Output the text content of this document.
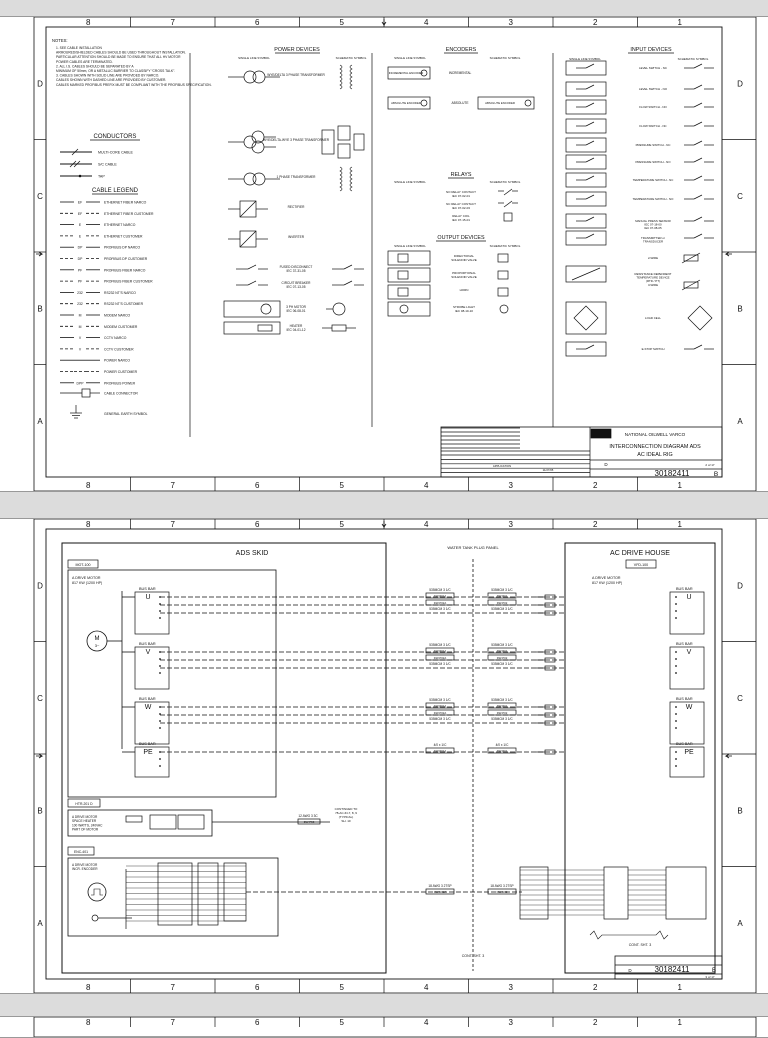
8
8
7
7
6
6
5
5
4
4
3
3
2
2
1
1
D	D
C	C
B	B
A	A
NOTES:
1. SEE CABLE INSTALLATION
ARMOURED/SHIELDED CABLES SHOULD BE USED THROUGHOUT INSTALLATION.
PARTICULAR ATTENTION SHOULD BE MADE TO ENSURE THAT ALL HV MOTOR
POWER CABLES ARE TERMINATED.
2. ALL I.S. CABLES SHOULD BE SEPARATED BY A
MINIMUM OF 50mm, OR A METALLIC BARRIER TO CLASSIFY "CROSS TALK".
3. CABLES SHOWN WITH SOLID LINE ARE PROVIDED BY NARCO.
CABLES SHOWN WITH DASHED LINE ARE PROVIDED BY CUSTOMER.
CABLES MARKED PROFIBUS PREFIX MUST BE COMPLIANT WITH THE PROFIBUS SPECIFICATION.
CONDUCTORS
MULTI-CORE CABLE
S/C CABLE
TAP
CABLE LEGEND
EF	ETHERNET FIBER NARCO
EF	ETHERNET FIBER CUSTOMER
E	ETHERNET NARCO
E	ETHERNET CUSTOMER
DP	PROFIBUS DP NARCO
DP	PROFIBUS DP CUSTOMER
PF	PROFIBUS FIBER NARCO
PF	PROFIBUS FIBER CUSTOMER
232	RS232 NT'S NARCO
232	RS232 NT'S CUSTOMER
M	MODEM NARCO
M	MODEM CUSTOMER
V	CCTV NARCO
V	CCTV CUSTOMER
POWER NARCO
POWER CUSTOMER
DPP	PROFIBUS POWER
CABLE CONNECTOR
GENERAL EARTH SYMBOL
POWER DEVICES
SINGLE LINE SYMBOL	SCHEMATIC SYMBOL
WYE/DELTA 3 PHASE TRANSFORMER
WYE/DELTA-WYE 3 PHASE TRANSFORMER
1 PHASE TRANSFORMER
RECTIFIER
INVERTER
FUSED DISCONNECT
IEC 37-31-05
CIRCUIT BREAKER
IEC 07-13-05
3 PH MOTOR
IEC 06-08-01
HEATER
IEC 04-01-12
ENCODERS
SINGLE LINE SYMBOL	SCHEMATIC SYMBOL
INCREMENTAL ENCODER	INCREMENTAL
ABSOLUTE ENCODER	ABSOLUTE	ABSOLUTE ENCODER
RELAYS
SINGLE LINE SYMBOL	SCHEMATIC SYMBOL
NO RELAY CONTACT
IEC 07-02-01
NC RELAY CONTACT
IEC 07-02-03
RELAY COIL
IEC 07-15-01
OUTPUT DEVICES
SINGLE LINE SYMBOL	SCHEMATIC SYMBOL
DIRECTIONAL
SOLENOID VALVE
PROPORTIONAL
SOLENOID VALVE
HORN
STROBE LIGHT
IEC 08-10-10
INPUT DEVICES
SINGLE LINE SYMBOL	SCHEMATIC SYMBOL
LEVEL SWITCH - NC
LEVEL SWITCH - NO
FLOW SWITCH - NO
FLOW SWITCH - NC
PRESSURE SWITCH - NC
PRESSURE SWITCH - NO
TEMPERATURE SWITCH - NC
TEMPERATURE SWITCH - NO
MANUAL PRESS SENSOR
IEC 07-18-00
IEC 07-08-05
TRANSMITTER or
TRANSDUCER
2-WIRE
RESISTANCE DEPENDENT
TEMPERATURE DEVICE
(RTD / PT)
3-WIRE
LOAD CELL
E-STOP SWITCH
APPLICATION
11/27/05
NATIONAL OILWELL VARCO
INTERCONNECTION DIAGRAM ADS
AC IDEAL RIG
D	2 of 17
30182411	B
8
8
7
7
6
6
5
5
4
4
3
3
2
2
1
1
D	D
C	C
B	B
A	A
ADS SKID	AC DRIVE HOUSE
WATER TANK PLUG PANEL
MOT-100
A DRIVE MOTOR
817 KW (1200 HP)
VFD-100
A DRIVE MOTOR
817 KW (1200 HP)
M
3~
BUS BAR
U
BUS BAR
U
535MCM 3 1/C	535MCM 3 1/C
DW-P01A	DW-P01
DW-P02A	DW-P02
535MCM 3 1/C	535MCM 3 1/C
BUS BAR
V
BUS BAR
V
535MCM 3 1/C	535MCM 3 1/C
DW-P01A	DW-P01
DW-P02A	DW-P02
535MCM 3 1/C	535MCM 3 1/C
BUS BAR
W
BUS BAR
W
535MCM 3 1/C	535MCM 3 1/C
DW-P01A	DW-P01
DW-P02A	DW-P02
535MCM 3 1/C	535MCM 3 1/C
BUS BAR
PE
BUS BAR
PE
4/0 x 1/C	4/0 x 1/C
DW-P01A	DW-P01
HTR-201 D
A DRIVE MOTOR
SPACE HEATER
100 WATTS, 240VAC
PART OF MOTOR
12 AWG 3 3C
DW-P53
CONTINUED TO
78-AC-IN-7, 8, 9
(TYPICAL)
SH. 10
ENC-401
A DRIVE MOTOR
INCR. ENCODER
18 AWG 3 2TSP
DW-N02A
18 AWG 3 2TSP
DW-N02
CONT. SHT. 3
CONT. SHT. 3
D	30182411	B
3 of 17
8	7	6	5	4	3	2	1
